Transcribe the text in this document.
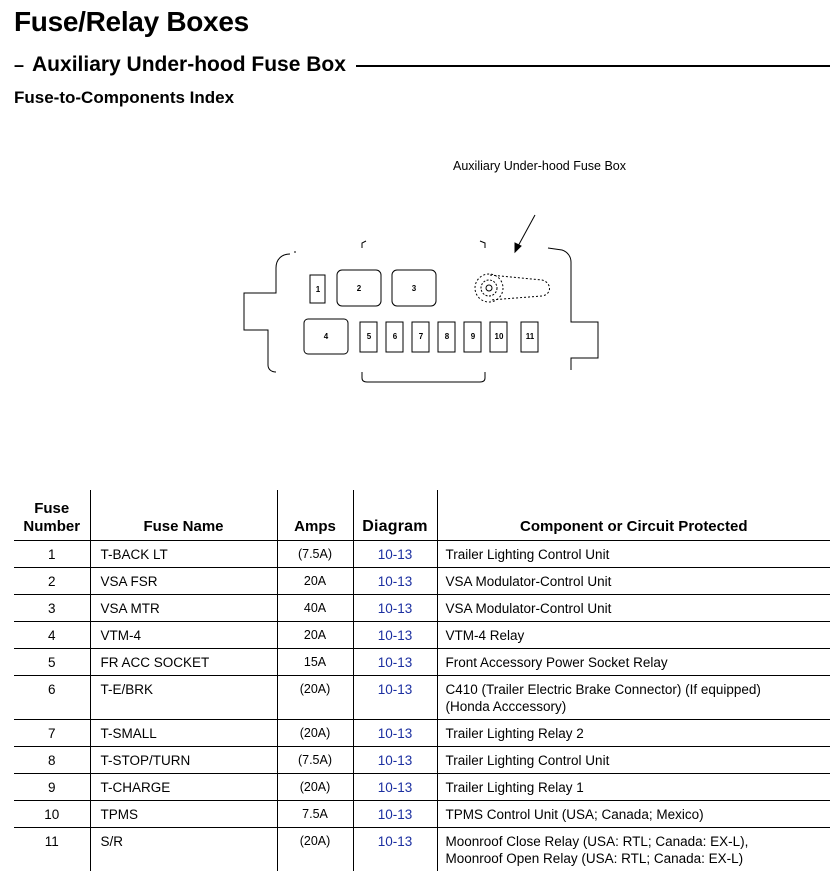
Fuse/Relay Boxes
– Auxiliary Under-hood Fuse Box
Fuse-to-Components Index
Auxiliary Under-hood Fuse Box
1	2	3
4	5	6	7	8	9 10	11
Fuse
Number	Fuse Name	Amps	Diagram	Component or Circuit Protected
1	T-BACK LT	(7.5A)	10-13	Trailer Lighting Control Unit
2	VSA FSR	20A	10-13	VSA Modulator-Control Unit
3	VSA MTR	40A	10-13	VSA Modulator-Control Unit
4	VTM-4	20A	10-13	VTM-4 Relay
5	FR ACC SOCKET	15A	10-13	Front Accessory Power Socket Relay
6	T-E/BRK	(20A)	10-13	C410 (Trailer Electric Brake Connector) (If equipped)
(Honda Acccessory)
7	T-SMALL	(20A)	10-13	Trailer Lighting Relay 2
8	T-STOP/TURN	(7.5A)	10-13	Trailer Lighting Control Unit
9	T-CHARGE	(20A)	10-13	Trailer Lighting Relay 1
10	TPMS	7.5A	10-13	TPMS Control Unit (USA; Canada; Mexico)
11	S/R	(20A)	10-13	Moonroof Close Relay (USA: RTL; Canada: EX-L),
Moonroof Open Relay (USA: RTL; Canada: EX-L)
